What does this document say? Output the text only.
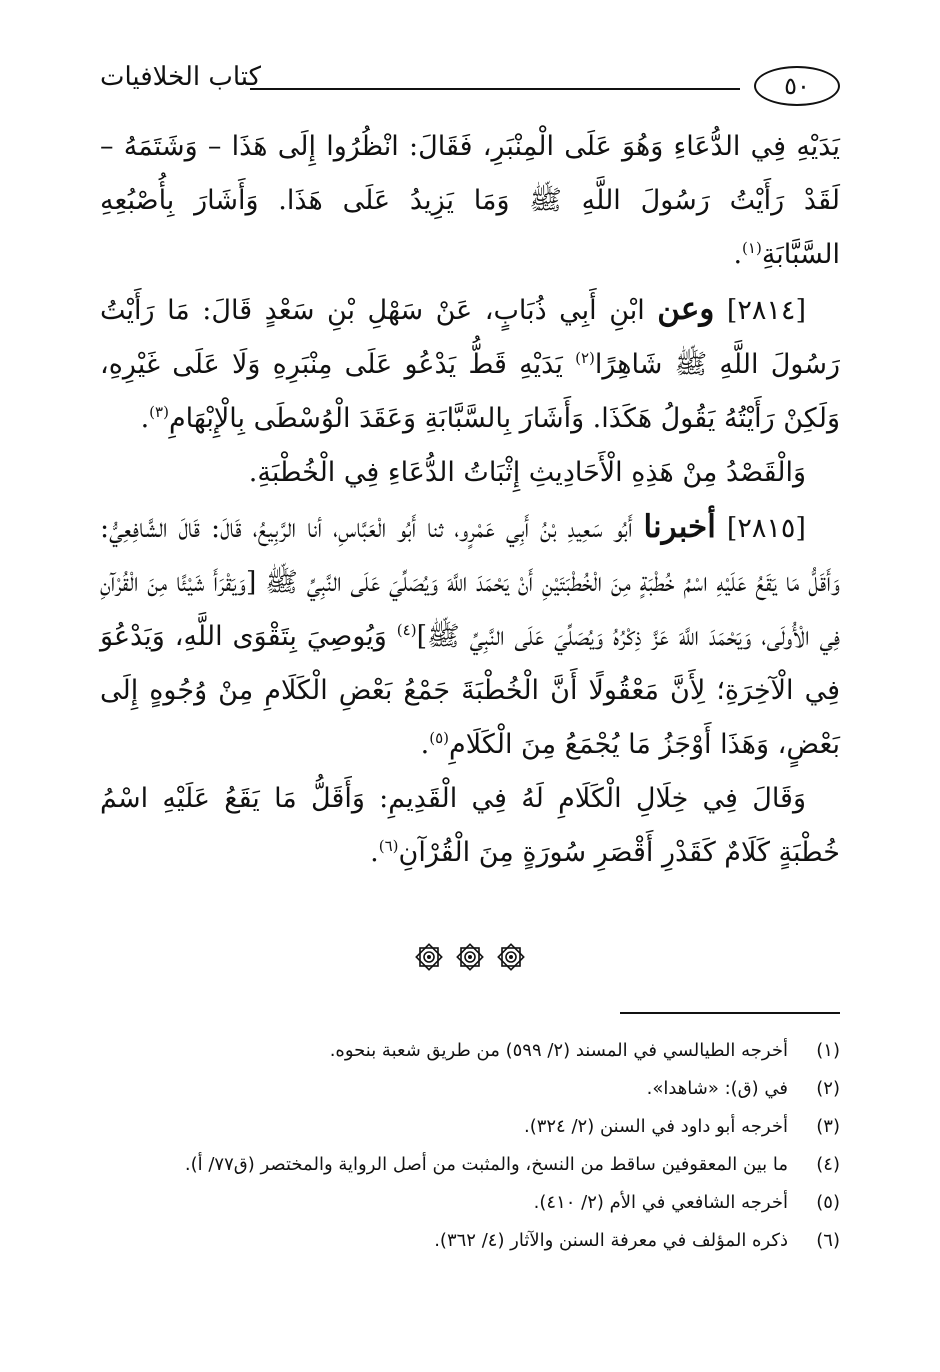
٥٠
كتاب الخلافيات

يَدَيْهِ فِي الدُّعَاءِ وَهُوَ عَلَى الْمِنْبَرِ، فَقَالَ: انْظُرُوا إِلَى هَذَا – وَشَتَمَهُ – لَقَدْ رَأَيْتُ رَسُولَ اللَّهِ ﷺ وَمَا يَزِيدُ عَلَى هَذَا. وَأَشَارَ بِأُصْبُعِهِ السَّبَّابَةِ$^{(١)}$.

[٢٨١٤] وعن ابْنِ أَبِي ذُبَابٍ، عَنْ سَهْلِ بْنِ سَعْدٍ قَالَ: مَا رَأَيْتُ رَسُولَ اللَّهِ ﷺ شَاهِرًا$^{(٢)}$ يَدَيْهِ قَطُّ يَدْعُو عَلَى مِنْبَرِهِ وَلَا عَلَى غَيْرِهِ، وَلَكِنْ رَأَيْتُهُ يَقُولُ هَكَذَا. وَأَشَارَ بِالسَّبَّابَةِ وَعَقَدَ الْوُسْطَى بِالْإِبْهَامِ$^{(٣)}$.

وَالْقَصْدُ مِنْ هَذِهِ الْأَحَادِيثِ إِثْبَاتُ الدُّعَاءِ فِي الْخُطْبَةِ.

[٢٨١٥] أخبرنا أَبُو سَعِيدِ بْنُ أَبِي عَمْرٍو، ثنا أَبُو الْعَبَّاسِ، أنا الرَّبِيعُ، قَالَ: قَالَ الشَّافِعِيُّ: وَأَقَلُّ مَا يَقَعُ عَلَيْهِ اسْمُ خُطْبَةٍ مِنَ الْخُطْبَتَيْنِ أَنْ يَحْمَدَ اللَّهَ وَيُصَلِّيَ عَلَى النَّبِيِّ ﷺ [وَيَقْرَأَ شَيْئًا مِنَ الْقُرْآنِ فِي الْأُولَى، وَيَحْمَدَ اللَّهَ عَزَّ ذِكْرُهُ وَيُصَلِّيَ عَلَى النَّبِيِّ ﷺ]$^{(٤)}$ وَيُوصِيَ بِتَقْوَى اللَّهِ، وَيَدْعُوَ فِي الْآخِرَةِ؛ لِأَنَّ مَعْقُولًا أَنَّ الْخُطْبَةَ جَمْعُ بَعْضِ الْكَلَامِ مِنْ وُجُوهٍ إِلَى بَعْضٍ، وَهَذَا أَوْجَزُ مَا يُجْمَعُ مِنَ الْكَلَامِ$^{(٥)}$.

وَقَالَ فِي خِلَالِ الْكَلَامِ لَهُ فِي الْقَدِيمِ: وَأَقَلُّ مَا يَقَعُ عَلَيْهِ اسْمُ خُطْبَةٍ كَلَامٌ كَقَدْرِ أَقْصَرِ سُورَةٍ مِنَ الْقُرْآنِ$^{(٦)}$.

(١)
أخرجه الطيالسي في المسند (٢/ ٥٩٩) من طريق شعبة بنحوه.
(٢)
في (ق): «شاهدا».
(٣)
أخرجه أبو داود في السنن (٢/ ٣٢٤).
(٤)
ما بين المعقوفين ساقط من النسخ، والمثبت من أصل الرواية والمختصر (ق٧٧/ أ).
(٥)
أخرجه الشافعي في الأم (٢/ ٤١٠).
(٦)
ذكره المؤلف في معرفة السنن والآثار (٤/ ٣٦٢).
